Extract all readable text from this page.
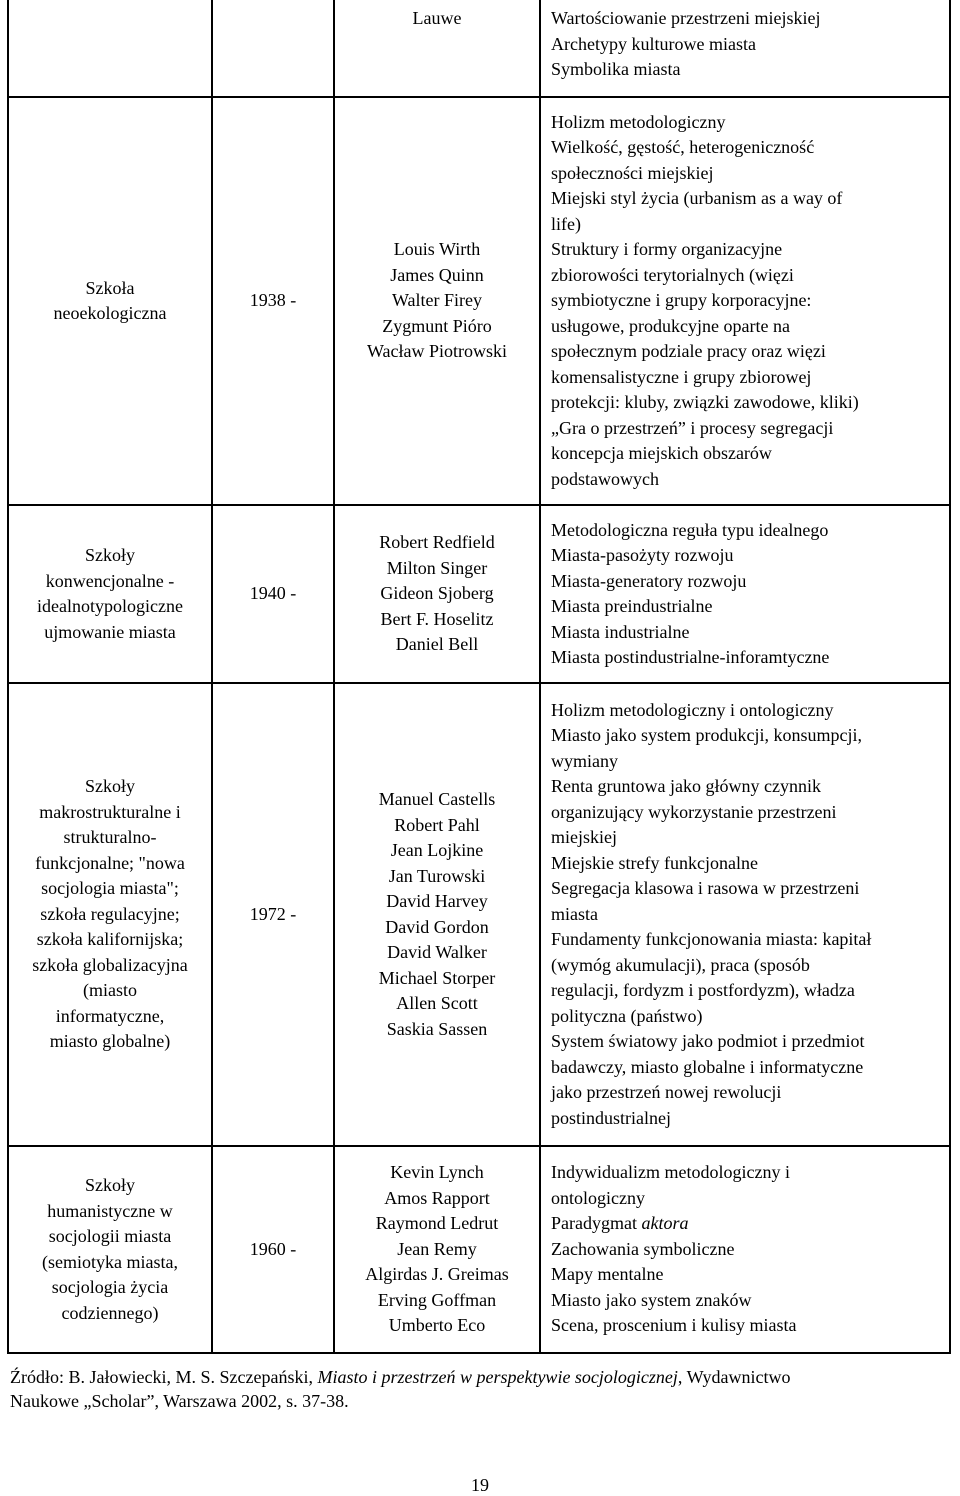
Lauwe	Wartościowanie przestrzeni miejskiej
Archetypy kulturowe miasta
Symbolika miasta
Szkoła
neoekologiczna
1938 -
Louis Wirth
James Quinn
Walter Firey
Zygmunt Pióro
Wacław Piotrowski
Holizm metodologiczny
Wielkość, gęstość, heterogeniczność
społeczności miejskiej
Miejski styl życia (urbanism as a way of
life)
Struktury i formy organizacyjne
zbiorowości terytorialnych (więzi
symbiotyczne i grupy korporacyjne:
usługowe, produkcyjne oparte na
społecznym podziale pracy oraz więzi
komensalistyczne i grupy zbiorowej
protekcji: kluby, związki zawodowe, kliki)
„Gra o przestrzeń” i procesy segregacji
koncepcja miejskich obszarów
podstawowych
Szkoły
konwencjonalne -
idealnotypologiczne
ujmowanie miasta
1940 -
Robert Redfield
Milton Singer
Gideon Sjoberg
Bert F. Hoselitz
Daniel Bell
Metodologiczna reguła typu idealnego
Miasta-pasożyty rozwoju
Miasta-generatory rozwoju
Miasta preindustrialne
Miasta industrialne
Miasta postindustrialne-inforamtyczne
Szkoły
makrostrukturalne i
strukturalno-
funkcjonalne; "nowa
socjologia miasta";
szkoła regulacyjne;
szkoła kalifornijska;
szkoła globalizacyjna
(miasto
informatyczne,
miasto globalne)
1972 -
Manuel Castells
Robert Pahl
Jean Lojkine
Jan Turowski
David Harvey
David Gordon
David Walker
Michael Storper
Allen Scott
Saskia Sassen
Holizm metodologiczny i ontologiczny
Miasto jako system produkcji, konsumpcji,
wymiany
Renta gruntowa jako główny czynnik
organizujący wykorzystanie przestrzeni
miejskiej
Miejskie strefy funkcjonalne
Segregacja klasowa i rasowa w przestrzeni
miasta
Fundamenty funkcjonowania miasta: kapitał
(wymóg akumulacji), praca (sposób
regulacji, fordyzm i postfordyzm), władza
polityczna (państwo)
System światowy jako podmiot i przedmiot
badawczy, miasto globalne i informatyczne
jako przestrzeń nowej rewolucji
postindustrialnej
Szkoły
humanistyczne w
socjologii miasta
(semiotyka miasta,
socjologia życia
codziennego)
1960 -
Kevin Lynch
Amos Rapport
Raymond Ledrut
Jean Remy
Algirdas J. Greimas
Erving Goffman
Umberto Eco
Indywidualizm metodologiczny i
ontologiczny
Paradygmat aktora
Zachowania symboliczne
Mapy mentalne
Miasto jako system znaków
Scena, proscenium i kulisy miasta
Źródło: B. Jałowiecki, M. S. Szczepański, Miasto i przestrzeń w perspektywie socjologicznej, Wydawnictwo
Naukowe „Scholar”, Warszawa 2002, s. 37-38.
19
